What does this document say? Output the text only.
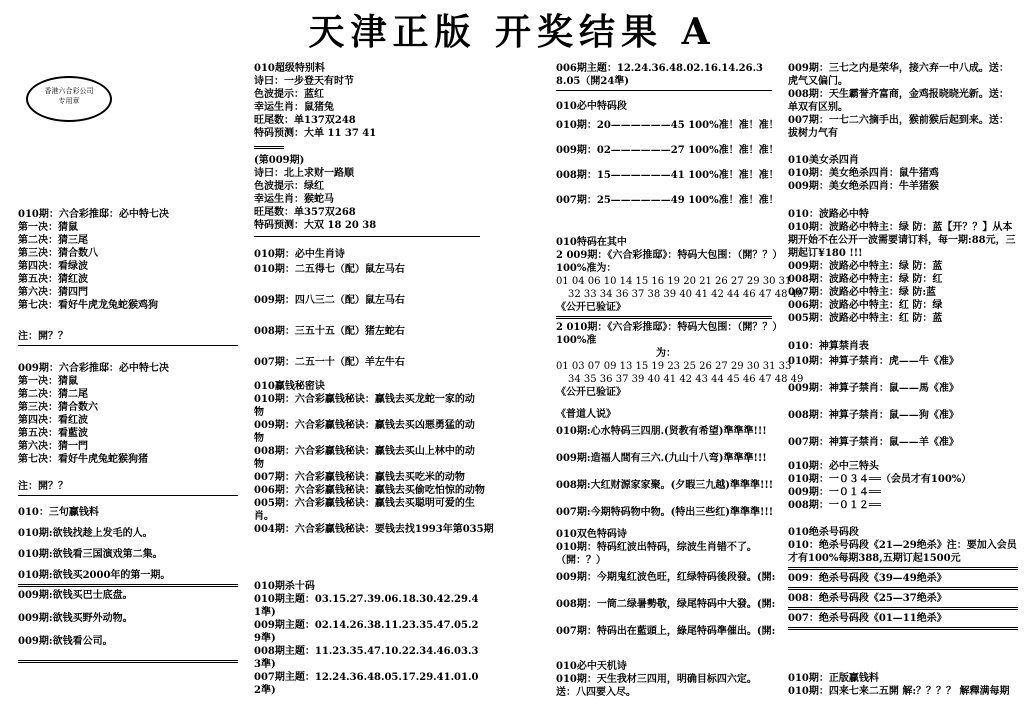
天津正版 开奖结果 A
香港六合彩公司
专用章
010期：六合彩推邸：必中特七决
第一决：猜鼠
第二决：猜三尾
第三决：猜合数八
第四决：看绿波
第五决：猜红波
第六决：猜四門
第七决：看好牛虎龙兔蛇猴鸡狗
注：開？？
009期：六合彩推邸：必中特七决
第一决：猜鼠
第二决：猜二尾
第三决：猜合数六
第四决：看红波
第五决：看藍波
第六决：猜一門
第七决：看好牛虎兔蛇猴狗猪
注：開？？
010：三句贏钱料
010期:欲钱找趁上发毛的人。
010期:欲钱看三国演戏第二集。
010期:欲钱买2000年的第一期。
009期:欲钱买巴士底盘。
009期:欲钱买野外动物。
009期:欲钱看公司。
010超级特别料
诗曰：一步登天有时节
色波提示：蓝红
幸运生肖：鼠猪兔
旺尾数：单137双248
特码预测：大单 11 37 41
(第009期)
诗曰：北上求财一路顺
色波提示：绿红
幸运生肖：猴蛇马
旺尾数：单357双268
特码预测：大双 18 20 38
010期：必中生肖诗
010期： 二五得七（配）鼠左马右
009期： 四八三二（配）鼠左马右
008期： 三五十五（配）猪左蛇右
007期： 二五一十（配）羊左牛右
010贏钱秘密诀
010期：六合彩贏钱秘诀：贏钱去买龙蛇一家的动物
009期：六合彩贏钱秘诀：贏钱去买凶悪勇猛的动物
008期：六合彩贏钱秘诀：贏钱去买山上林中的动物
007期：六合彩贏钱秘诀：贏钱去买吃米的动物
006期：六合彩贏钱秘诀：贏钱去买偷吃怕惊的动物
005期：六合彩贏钱秘诀：贏钱去买聪明可爱的生肖。
004期：六合彩贏钱秘诀：要钱去找1993年第035期
010期杀十码
010期主题：03.15.27.39.06.18.30.42.29.41準)
009期主题：02.14.26.38.11.23.35.47.05.29準)
008期主题：11.23.35.47.10.22.34.46.03.33準)
007期主题：12.24.36.48.05.17.29.41.01.02準)
006期主题：12.24.36.48.02.16.14.26.38.05（開24準)
010必中特码段
010期：20 —————— 45 100% 准！准！准！
009期：02 —————— 27 100% 准！准！准！
008期：15 —————— 41 100% 准！准！准！
007期：25 —————— 49 100% 准！准！准！
010特码在其中
2 009期：《六合彩推邸》：特码大包围：（開？？）
100%准为：
01 04 06 10 14 15 16 19 20 21 26 27 29 30 31
32 33 34 36 37 38 39 40 41 42 44 46 47 48 49
《公开已验证》
2 010期：《六合彩推邸》：特码大包围：（開？？）
100%准
为：
01 03 07 09 13 15 19 23 25 26 27 29 30 31 33
34 35 36 37 39 40 41 42 43 44 45 46 47 48 49
《公开已验证》
《普道人说》
010期:心水特码三四朋.(贤教有希望)準準準!!!
009期:造福人間有三六.(九山十八弯)準準準!!!
008期:大红财源家家聚。(夕暇三九越)準準準!!!
007期:今期特码物中物。(特出三些红)準準準!!!
010双色特码诗
010期：特码红波出特码，综波生肖错不了。（開：？）
009期：今期鬼红波色旺，红绿特码後段發。(開:
008期：一筒二绿暑勢敬，绿尾特码中大發。(開:
007期：特码出在藍頭上，綠尾特码準催出。(開:
010必中天机诗
010期：天生我材三四用，明确目标四六定。送：八四要入尽。
009期：三七之内是荣华，接六弃一中八成。送：虎气又偏门。
008期：天生霸誉齐富商，金鸡报晓晓光新。送：单双有区别。
007期：一七二六摘手出，猴前猴后起到来。送：拔树力气有
010美女杀四肖
010期：美女绝杀四肖：鼠牛猪鸡
009期：美女绝杀四肖：牛羊猪猴
010：波路必中特
010期：波路必中特主：绿 防：蓝【开？？】从本期开始不在公开一波需要请订料，每一期:88元，三期起订¥180 !!!
009期：波路必中特主：绿 防：蓝
008期：波路必中特主：绿 防：红
007期：波路必中特主：绿 防:蓝
006期：波路必中特主：红 防：绿
005期：波路必中特主：红 防：蓝
010：神算禁肖表
010期：神算子禁肖：虎——牛 《准》
009期：神算子禁肖：鼠——馬 《准》
008期：神算子禁肖：鼠——狗 《准》
007期：神算子禁肖：鼠——羊 《准》
010期：必中三特头
010期：一０３４══（会员才有100%）
009期：一０１４══
008期：一０１２══
010绝杀号码段
010：绝杀号码段《21—29绝杀》注：要加入会员才有100%每期388,五期订起1500元
009：绝杀号码段《39—49绝杀》
008：绝杀号码段《25—37绝杀》
007：绝杀号码段《01—11绝杀》
010期：正版贏钱料
010期：四来七来二五開 解:？？？？ 解釋满每期
